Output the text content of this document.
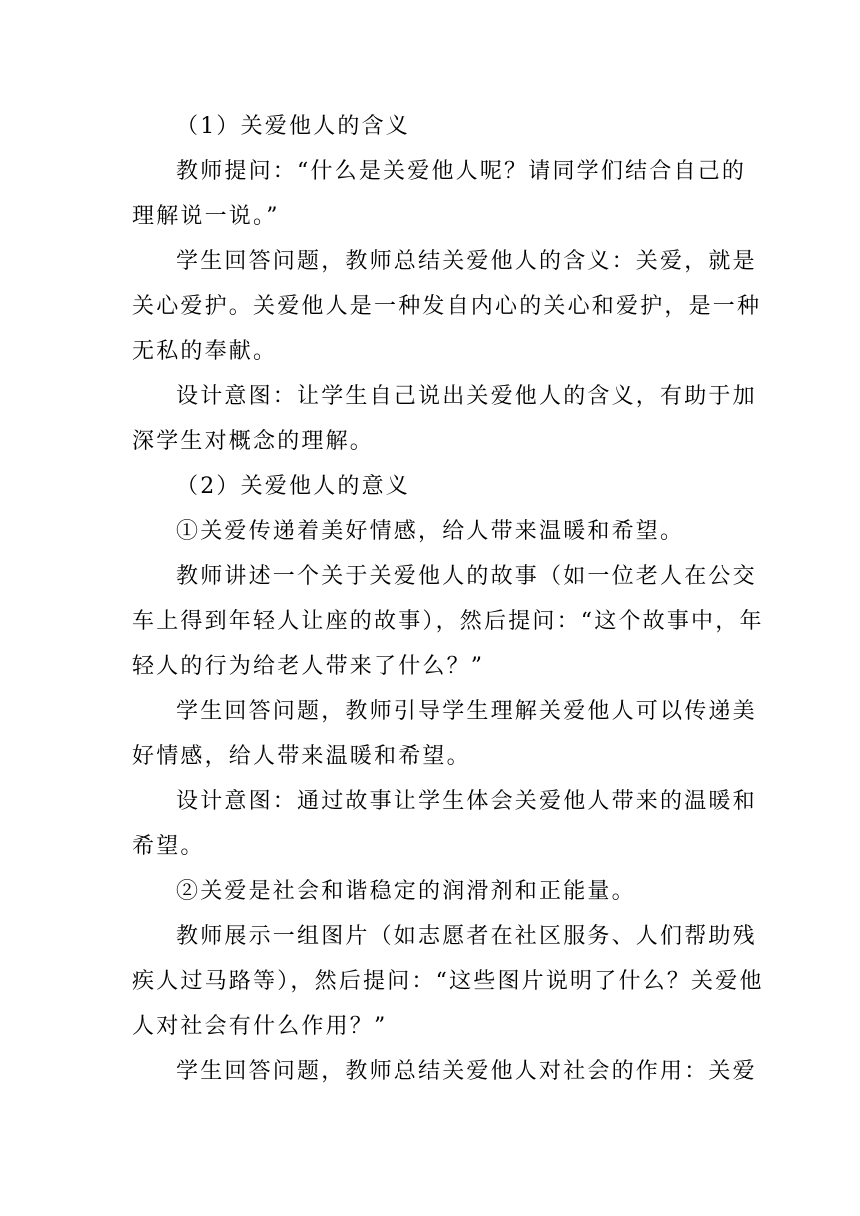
（1）关爱他人的含义
教师提问：“什么是关爱他人呢？请同学们结合自己的
理解说一说。”
学生回答问题，教师总结关爱他人的含义：关爱，就是
关心爱护。关爱他人是一种发自内心的关心和爱护，是一种
无私的奉献。
设计意图：让学生自己说出关爱他人的含义，有助于加
深学生对概念的理解。
（2）关爱他人的意义
①关爱传递着美好情感，给人带来温暖和希望。
教师讲述一个关于关爱他人的故事（如一位老人在公交
车上得到年轻人让座的故事），然后提问：“这个故事中，年
轻人的行为给老人带来了什么？”
学生回答问题，教师引导学生理解关爱他人可以传递美
好情感，给人带来温暖和希望。
设计意图：通过故事让学生体会关爱他人带来的温暖和
希望。
②关爱是社会和谐稳定的润滑剂和正能量。
教师展示一组图片（如志愿者在社区服务、人们帮助残
疾人过马路等），然后提问：“这些图片说明了什么？关爱他
人对社会有什么作用？”
学生回答问题，教师总结关爱他人对社会的作用：关爱
